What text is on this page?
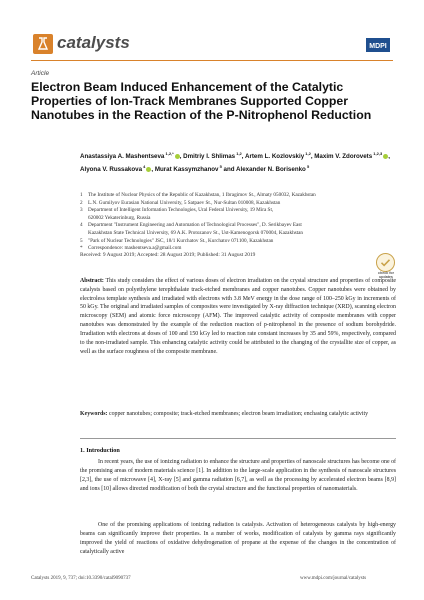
catalysts	MDPI
Article
Electron Beam Induced Enhancement of the Catalytic Properties of Ion-Track Membranes Supported Copper Nanotubes in the Reaction of the P-Nitrophenol Reduction

Anastassiya A. Mashentseva $^{1,2,*}$ , Dmitriy I. Shlimas $^{1,2}$, Artem L. Kozlovskiy $^{1,2}$, Maxim V. Zdorovets $^{1,2,3}$ , Alyona V. Russakova $^4$ , Murat Kassymzhanov $^5$ and Alexander N. Borisenko $^5$

1	The Institute of Nuclear Physics of the Republic of Kazakhstan, 1 Ibragimov St., Almaty 050032, Kazakhstan
2	L.N. Gumilyov Eurasian National University, 5 Satpaev St., Nur-Sultan 010008, Kazakhstan
3	Department of Intelligent Information Technologies, Ural Federal University, 19 Mira St,
620002 Yekaterinburg, Russia
4	Department "Instrument Engineering and Automation of Technological Processes", D. Serikbayev East
Kazakhstan State Technical University, 69 A.K. Protozanov St., Ust-Kamenogorsk 070004, Kazakhstan
5	"Park of Nuclear Technologies" JSC, 18/1 Kurchatov St., Kurchatov 071100, Kazakhstan
*	Correspondence: mashentseva.a@gmail.com
Received: 9 August 2019; Accepted: 28 August 2019; Published: 31 August 2019
check for updates

Abstract: This study considers the effect of various doses of electron irradiation on the crystal structure and properties of composite catalysts based on polyethylene terephthalate track-etched membranes and copper nanotubes. Copper nanotubes were obtained by electroless template synthesis and irradiated with electrons with 3.8 MeV energy in the dose range of 100–250 kGy in increments of 50 kGy. The original and irradiated samples of composites were investigated by X-ray diffraction technique (XRD), scanning electron microscopy (SEM) and atomic force microscopy (AFM). The improved catalytic activity of composite membranes with copper nanotubes was demonstrated by the example of the reduction reaction of p-nitrophenol in the presence of sodium borohydride. Irradiation with electrons at doses of 100 and 150 kGy led to reaction rate constant increases by 35 and 59%, respectively, compared to the non-irradiated sample. This enhancing catalytic activity could be attributed to the changing of the crystallite size of copper, as well as the surface roughness of the composite membrane.

Keywords: copper nanotubes; composite; track-etched membranes; electron beam irradiation; enchasing catalytic activity

1. Introduction

In recent years, the use of ionizing radiation to enhance the structure and properties of nanoscale structures has become one of the promising areas of modern materials science [1]. In addition to the large-scale application in the synthesis of nanoscale structures [2,3], the use of microwave [4], X-ray [5] and gamma radiation [6,7], as well as the processing by accelerated electron beams [8,9] and ions [10] allows directed modification of both the crystal structure and the functional properties of nanomaterials.

One of the promising applications of ionizing radiation is catalysis. Activation of heterogeneous catalysts by high-energy beams can significantly improve their properties. In a number of works, modification of catalysts by gamma rays significantly improved the yield of reactions of oxidative dehydrogenation of propane at the expense of the changes in the concentration of catalytically active

Catalysts 2019, 9, 737; doi:10.3390/catal9090737	www.mdpi.com/journal/catalysts
